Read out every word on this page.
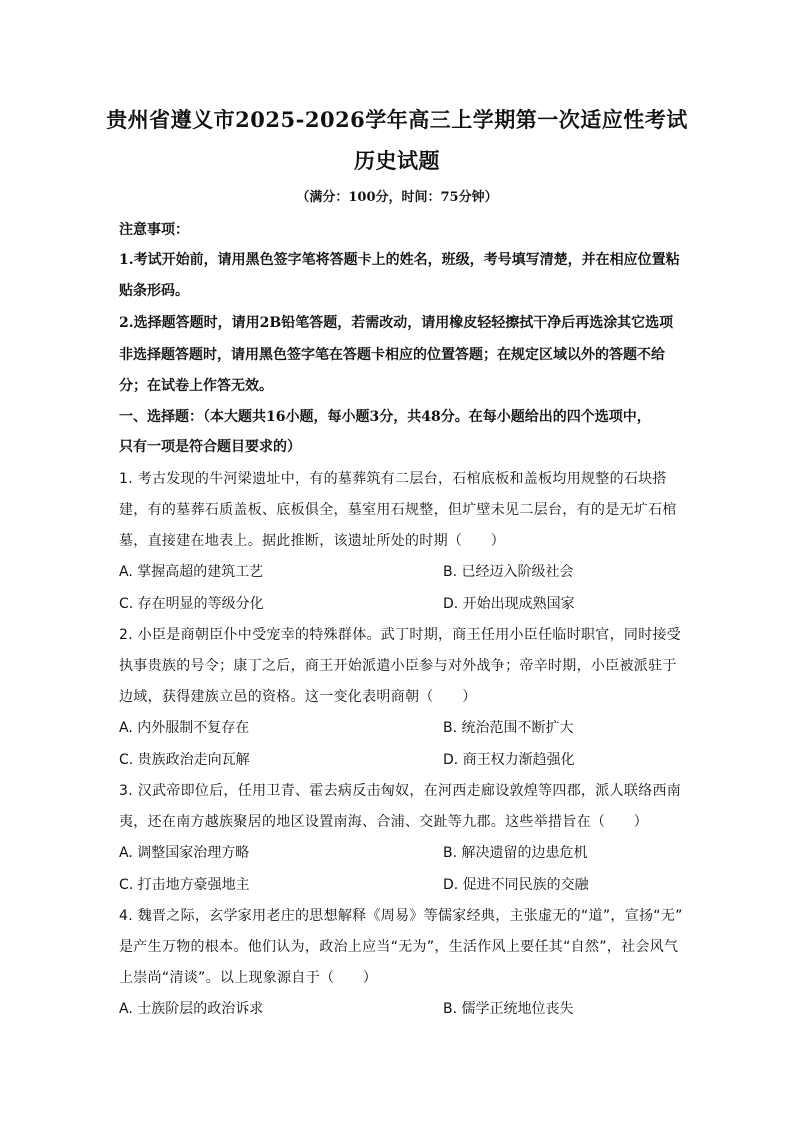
贵州省遵义市2025-2026学年高三上学期第一次适应性考试
历史试题
（满分：100分，时间：75分钟）
注意事项：
1.考试开始前，请用黑色签字笔将答题卡上的姓名，班级，考号填写清楚，并在相应位置粘
贴条形码。
2.选择题答题时，请用2B铅笔答题，若需改动，请用橡皮轻轻擦拭干净后再选涂其它选项
非选择题答题时，请用黑色签字笔在答题卡相应的位置答题；在规定区域以外的答题不给
分；在试卷上作答无效。
一、选择题：（本大题共16小题，每小题3分，共48分。在每小题给出的四个选项中，
只有一项是符合题目要求的）
1. 考古发现的牛河梁遗址中，有的墓葬筑有二层台，石棺底板和盖板均用规整的石块搭
建，有的墓葬石质盖板、底板俱全，墓室用石规整，但圹壁未见二层台，有的是无圹石棺
墓，直接建在地表上。据此推断，该遗址所处的时期（　　）
A. 掌握高超的建筑工艺	B. 已经迈入阶级社会
C. 存在明显的等级分化	D. 开始出现成熟国家
2. 小臣是商朝臣仆中受宠幸的特殊群体。武丁时期，商王任用小臣任临时职官，同时接受
执事贵族的号令；康丁之后，商王开始派遣小臣参与对外战争；帝辛时期，小臣被派驻于
边域，获得建族立邑的资格。这一变化表明商朝（　　）
A. 内外服制不复存在	B. 统治范围不断扩大
C. 贵族政治走向瓦解	D. 商王权力渐趋强化
3. 汉武帝即位后，任用卫青、霍去病反击匈奴，在河西走廊设敦煌等四郡，派人联络西南
夷，还在南方越族聚居的地区设置南海、合浦、交趾等九郡。这些举措旨在（　　）
A. 调整国家治理方略	B. 解决遗留的边患危机
C. 打击地方豪强地主	D. 促进不同民族的交融
4. 魏晋之际，玄学家用老庄的思想解释《周易》等儒家经典，主张虚无的“道”，宣扬“无”
是产生万物的根本。他们认为，政治上应当“无为”，生活作风上要任其“自然”，社会风气
上崇尚“清谈”。以上现象源自于（　　）
A. 士族阶层的政治诉求	B. 儒学正统地位丧失
